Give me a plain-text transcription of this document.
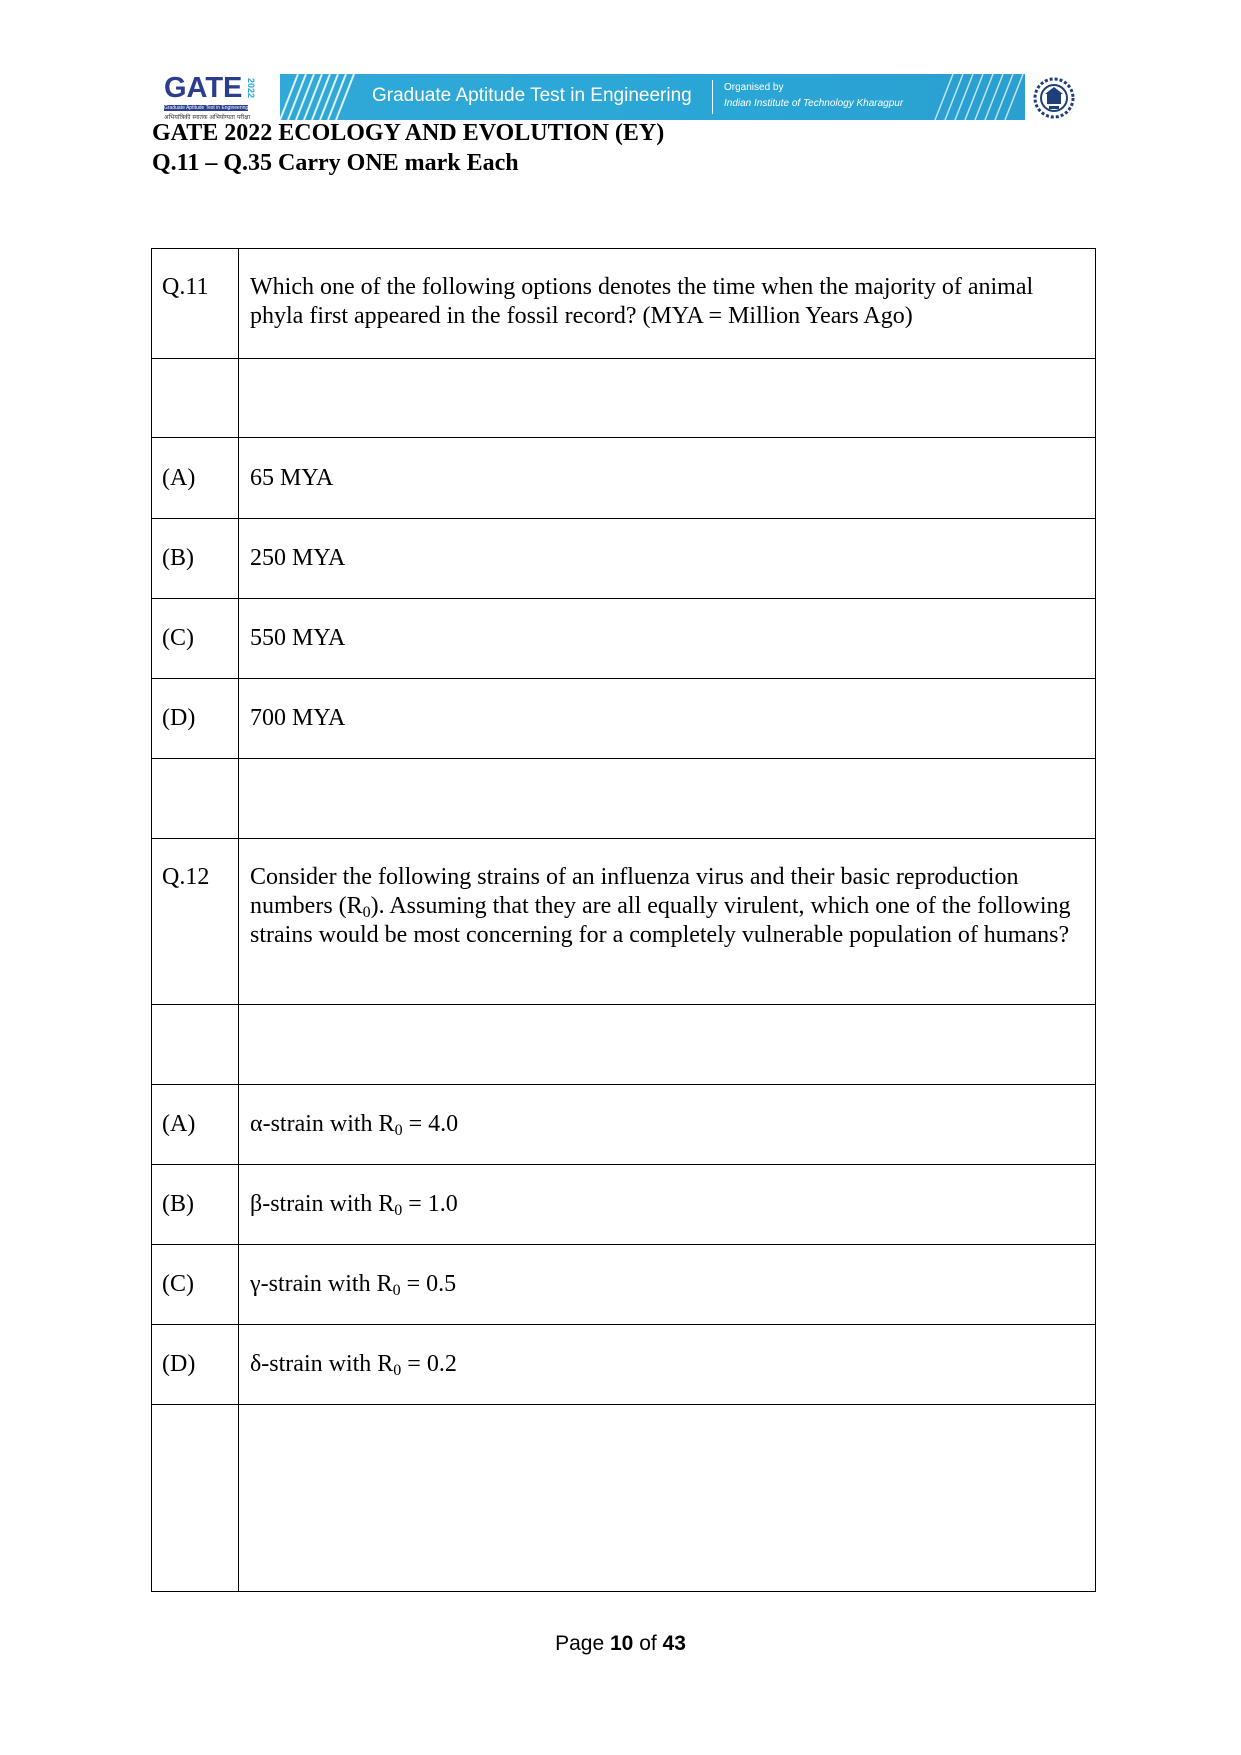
GATE 2022
Graduate Aptitude Test in Engineering
अभियांत्रिकी स्नातक अभियोग्यता परीक्षा
Graduate Aptitude Test in Engineering	Organised by
Indian Institute of Technology Kharagpur
GATE 2022 ECOLOGY AND EVOLUTION (EY)
Q.11 – Q.35 Carry ONE mark Each
Q.11	Which one of the following options denotes the time when the majority of animal phyla first appeared in the fossil record? (MYA = Million Years Ago)

(A)	65 MYA
(B)	250 MYA
(C)	550 MYA
(D)	700 MYA

Q.12	Consider the following strains of an influenza virus and their basic reproduction numbers $(R_0)$. Assuming that they are all equally virulent, which one of the following strains would be most concerning for a completely vulnerable population of humans?

(A)	α-strain with $R_0 = 4.0$
(B)	β-strain with $R_0 = 1.0$
(C)	γ-strain with $R_0 = 0.5$
(D)	δ-strain with $R_0 = 0.2$

Page 10 of 43
